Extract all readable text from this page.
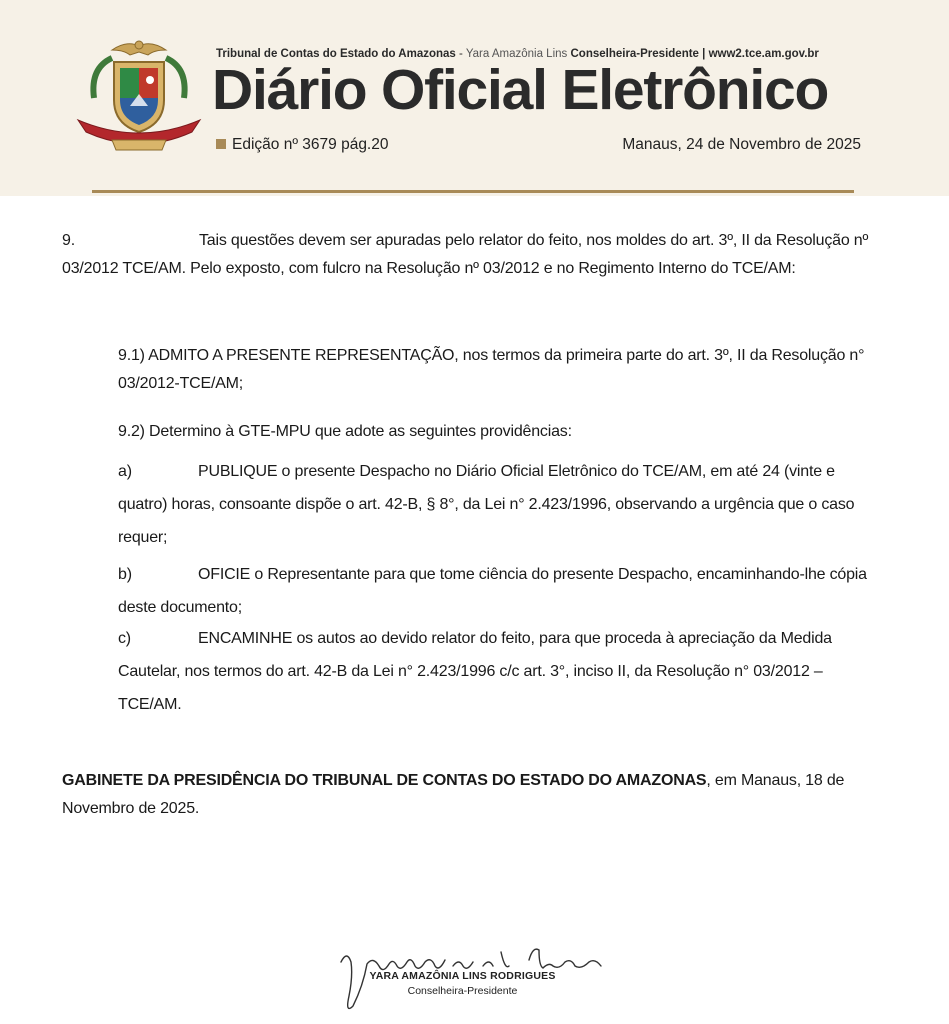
Tribunal de Contas do Estado do Amazonas - Yara Amazônia Lins Conselheira-Presidente | www2.tce.am.gov.br
Diário Oficial Eletrônico
Edição nº 3679 pág.20	Manaus, 24 de Novembro de 2025
9.	Tais questões devem ser apuradas pelo relator do feito, nos moldes do art. 3º, II da Resolução nº
03/2012 TCE/AM. Pelo exposto, com fulcro na Resolução nº 03/2012 e no Regimento Interno do TCE/AM:
9.1) ADMITO A PRESENTE REPRESENTAÇÃO, nos termos da primeira parte do art. 3º, II da Resolução n°
03/2012-TCE/AM;
9.2) Determino à GTE-MPU que adote as seguintes providências:
a)	PUBLIQUE o presente Despacho no Diário Oficial Eletrônico do TCE/AM, em até 24 (vinte e
quatro) horas, consoante dispõe o art. 42-B, § 8°, da Lei n° 2.423/1996, observando a urgência que o caso
requer;
b)	OFICIE o Representante para que tome ciência do presente Despacho, encaminhando-lhe cópia
deste documento;
c)	ENCAMINHE os autos ao devido relator do feito, para que proceda à apreciação da Medida
Cautelar, nos termos do art. 42-B da Lei n° 2.423/1996 c/c art. 3°, inciso II, da Resolução n° 03/2012 –
TCE/AM.
GABINETE DA PRESIDÊNCIA DO TRIBUNAL DE CONTAS DO ESTADO DO AMAZONAS, em Manaus, 18 de
Novembro de 2025.
YARA AMAZÔNIA LINS RODRIGUES
Conselheira-Presidente
